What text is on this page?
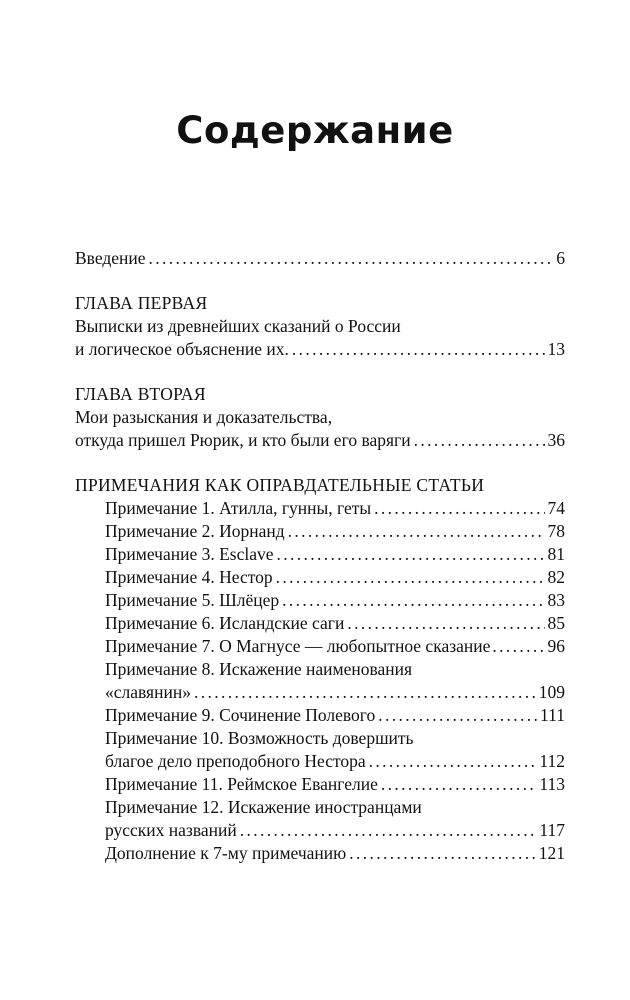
Содержание
Введение . . .	6
ГЛАВА ПЕРВАЯ
Выписки из древнейших сказаний о России
и логическое объяснение их. . . .	13
ГЛАВА ВТОРАЯ
Мои разыскания и доказательства,
откуда пришел Рюрик, и кто были его варяги . . .	36
ПРИМЕЧАНИЯ КАК ОПРАВДАТЕЛЬНЫЕ СТАТЬИ
Примечание 1. Атилла, гунны, геты . . .	74
Примечание 2. Иорнанд . . .	78
Примечание 3. Esclave . . .	81
Примечание 4. Нестор . . .	82
Примечание 5. Шлёцер . . .	83
Примечание 6. Исландские саги . . .	85
Примечание 7. О Магнусе — любопытное сказание . . .	96
Примечание 8. Искажение наименования
«славянин» . . .	109
Примечание 9. Сочинение Полевого . . .	111
Примечание 10. Возможность довершить
благое дело преподобного Нестора . . .	112
Примечание 11. Реймское Евангелие . . .	113
Примечание 12. Искажение иностранцами
русских названий . . .	117
Дополнение к 7-му примечанию . . .	121
